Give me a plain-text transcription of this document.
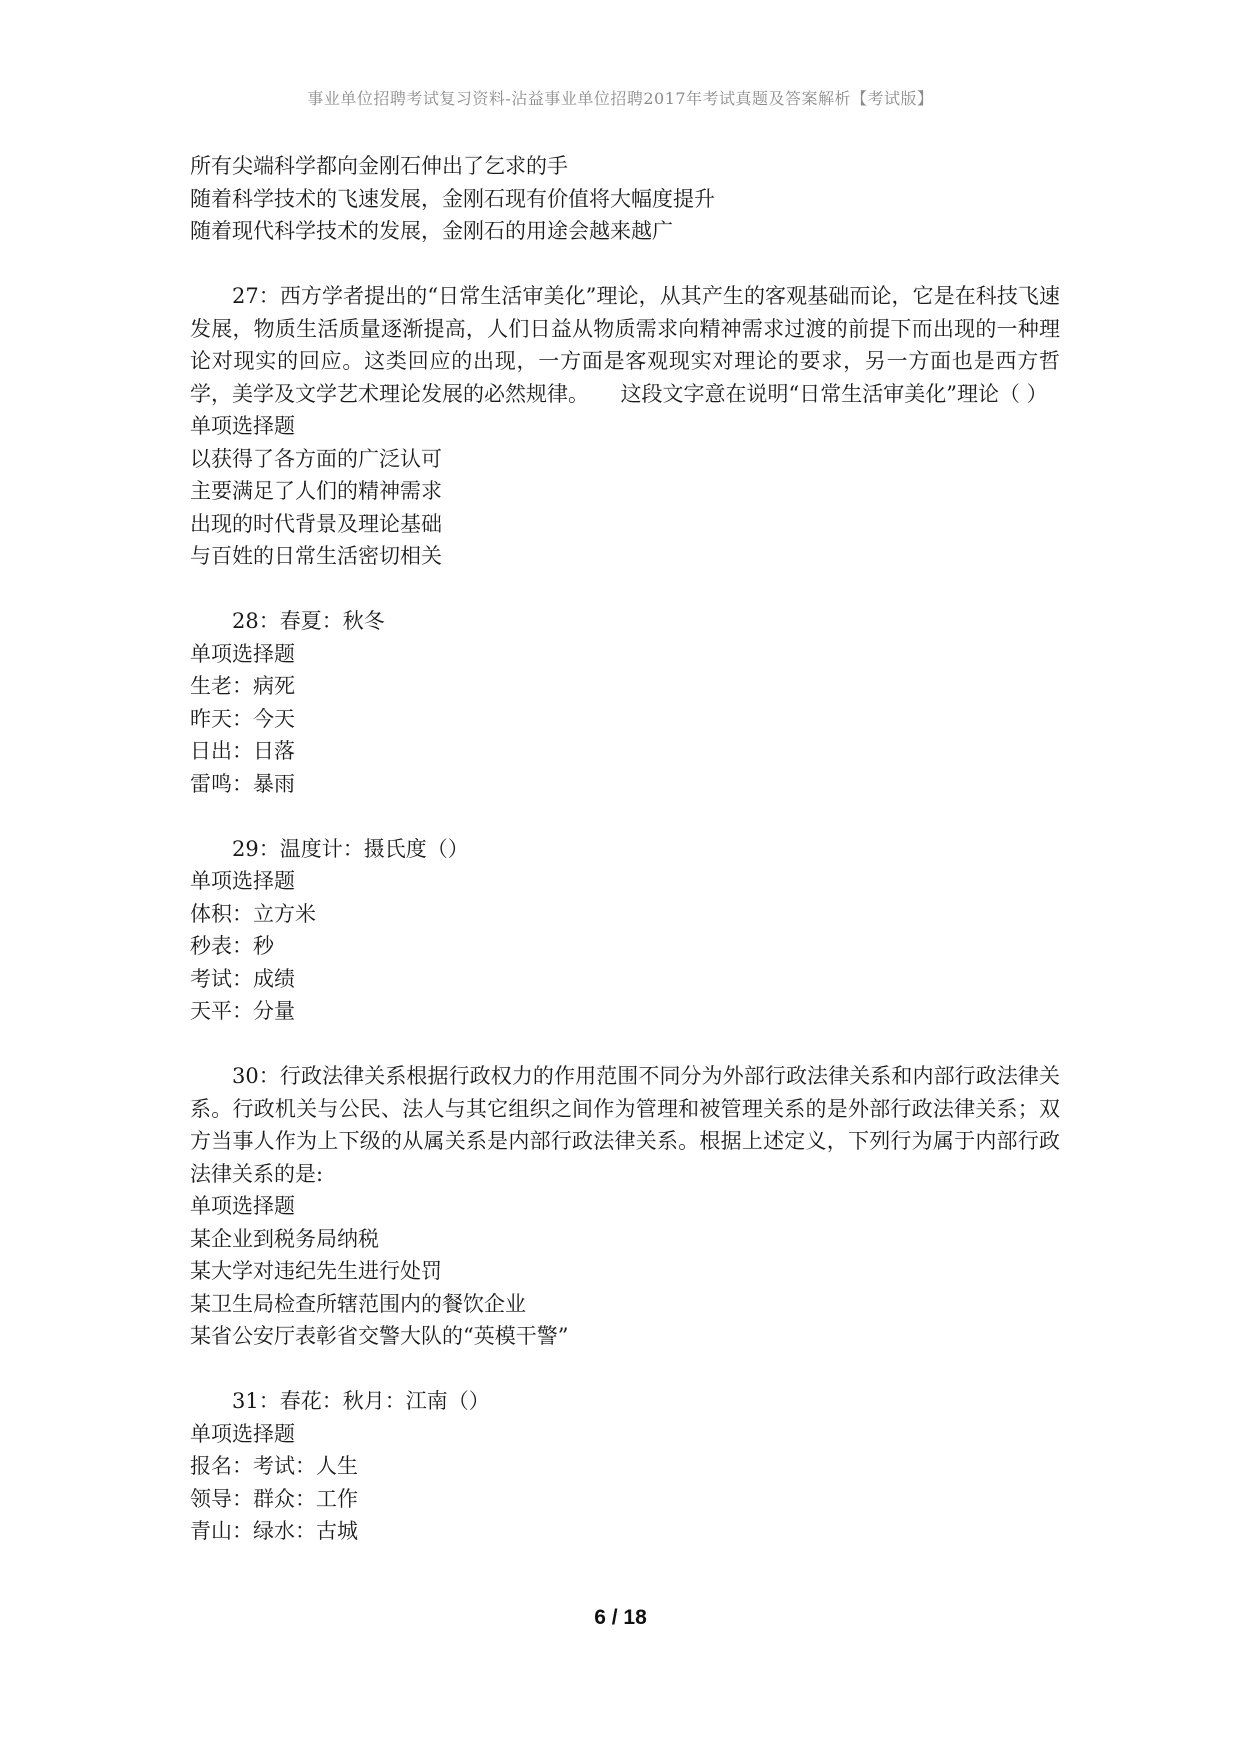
事业单位招聘考试复习资料-沾益事业单位招聘2017年考试真题及答案解析【考试版】
所有尖端科学都向金刚石伸出了乞求的手
随着科学技术的飞速发展，金刚石现有价值将大幅度提升
随着现代科学技术的发展，金刚石的用途会越来越广
27：西方学者提出的“日常生活审美化”理论，从其产生的客观基础而论，它是在科技飞速发展，物质生活质量逐渐提高，人们日益从物质需求向精神需求过渡的前提下而出现的一种理论对现实的回应。这类回应的出现，一方面是客观现实对理论的要求，另一方面也是西方哲学，美学及文学艺术理论发展的必然规律。　　这段文字意在说明“日常生活审美化”理论（ ）
单项选择题
以获得了各方面的广泛认可
主要满足了人们的精神需求
出现的时代背景及理论基础
与百姓的日常生活密切相关
28：春夏：秋冬
单项选择题
生老：病死
昨天：今天
日出：日落
雷鸣：暴雨
29：温度计：摄氏度（）
单项选择题
体积：立方米
秒表：秒
考试：成绩
天平：分量
30：行政法律关系根据行政权力的作用范围不同分为外部行政法律关系和内部行政法律关系。行政机关与公民、法人与其它组织之间作为管理和被管理关系的是外部行政法律关系；双方当事人作为上下级的从属关系是内部行政法律关系。根据上述定义，下列行为属于内部行政法律关系的是:
单项选择题
某企业到税务局纳税
某大学对违纪先生进行处罚
某卫生局检查所辖范围内的餐饮企业
某省公安厅表彰省交警大队的“英模干警”
31：春花：秋月：江南（）
单项选择题
报名：考试：人生
领导：群众：工作
青山：绿水：古城
6 / 18
